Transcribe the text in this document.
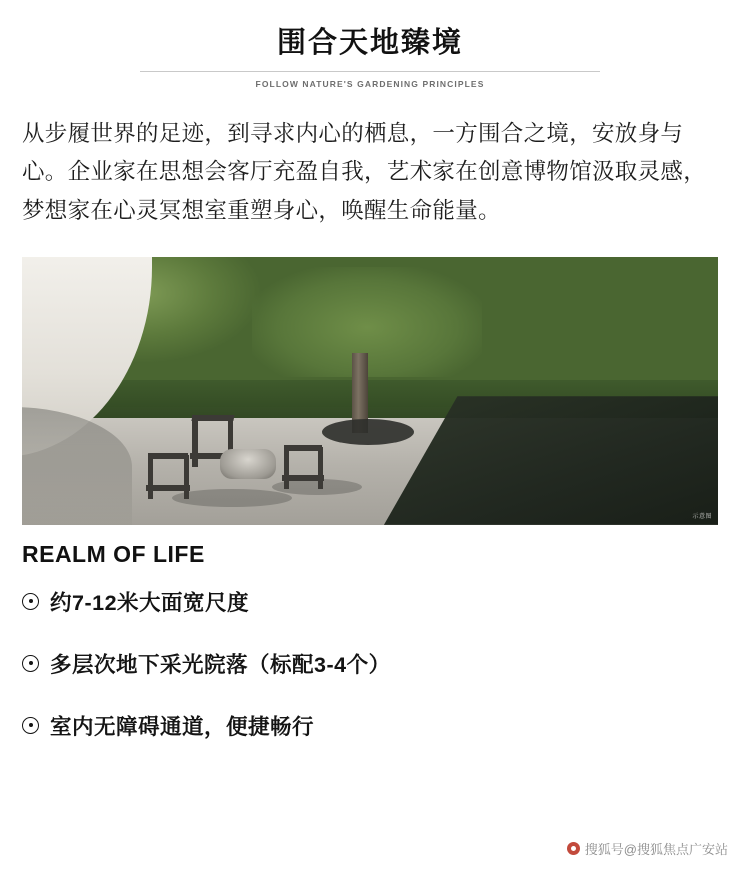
围合天地臻境
FOLLOW NATURE'S GARDENING PRINCIPLES

从步履世界的足迹，到寻求内心的栖息，一方围合之境，安放身与心。企业家在思想会客厅充盈自我，艺术家在创意博物馆汲取灵感，梦想家在心灵冥想室重塑身心，唤醒生命能量。

示意图
REALM OF LIFE
约7-12米大面宽尺度
多层次地下采光院落（标配3-4个）
室内无障碍通道，便捷畅行
搜狐号@搜狐焦点广安站
